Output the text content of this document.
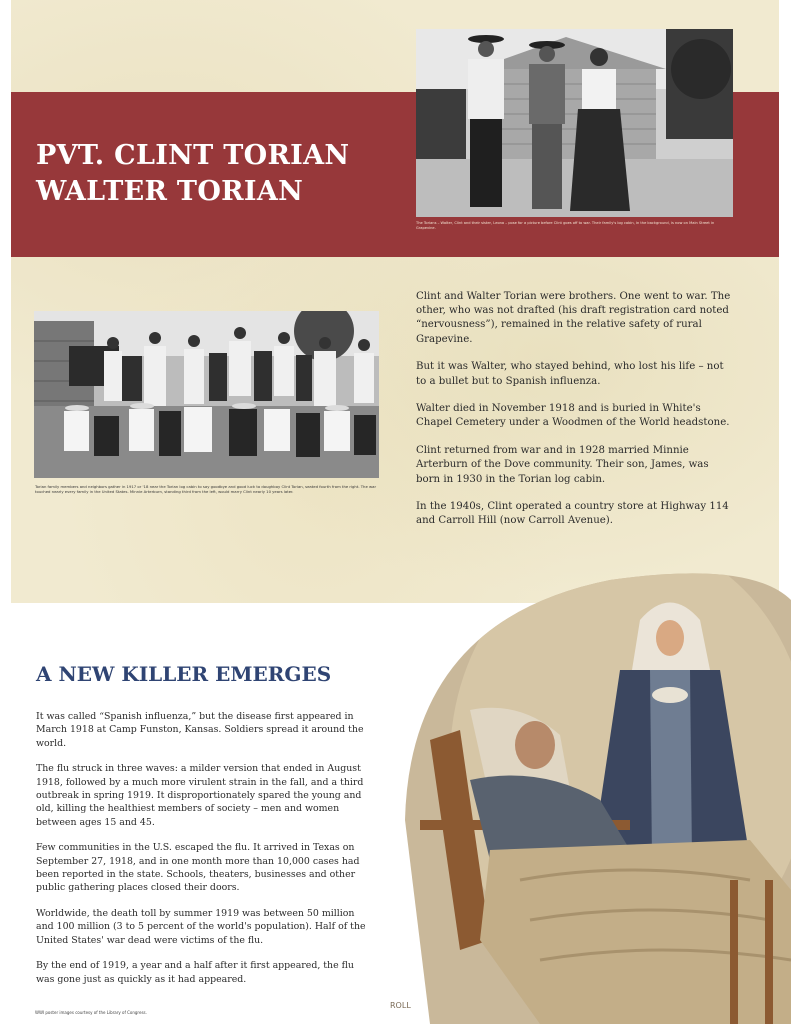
PVT. CLINT TORIAN
WALTER TORIAN
The Torians – Walter, Clint and their sister, Leona – pose for a picture before Clint goes off to war. Their family's log cabin, in the background, is now on Main Street in Grapevine.
Torian family members and neighbors gather in 1917 or '18 near the Torian log cabin to say goodbye and good luck to doughboy Clint Torian, seated fourth from the right. The war touched nearly every family in the United States. Minnie Arterburn, standing third from the left, would marry Clint nearly 10 years later.

Clint and Walter Torian were brothers. One went to war. The other, who was not drafted (his draft registration card noted “nervousness”), remained in the relative safety of rural Grapevine.

But it was Walter, who stayed behind, who lost his life – not to a bullet but to Spanish influenza.

Walter died in November 1918 and is buried in White's Chapel Cemetery under a Woodmen of the World headstone.

Clint returned from war and in 1928 married Minnie Arterburn of the Dove community. Their son, James, was born in 1930 in the Torian log cabin.

In the 1940s, Clint operated a country store at Highway 114 and Carroll Hill (now Carroll Avenue).

A NEW KILLER EMERGES

It was called “Spanish influenza,” but the disease first appeared in March 1918 at Camp Funston, Kansas. Soldiers spread it around the world.

The flu struck in three waves: a milder version that ended in August 1918, followed by a much more virulent strain in the fall, and a third outbreak in spring 1919. It disproportionately spared the young and old, killing the healthiest members of society – men and women between ages 15 and 45.

Few communities in the U.S. escaped the flu. It arrived in Texas on September 27, 1918, and in one month more than 10,000 cases had been reported in the state. Schools, theaters, businesses and other public gathering places closed their doors.

Worldwide, the death toll by summer 1919 was between 50 million and 100 million (3 to 5 percent of the world's population). Half of the United States' war dead were victims of the flu.

By the end of 1919, a year and a half after it first appeared, the flu was gone just as quickly as it had appeared.

ROLL
WWI poster images courtesy of the Library of Congress.
